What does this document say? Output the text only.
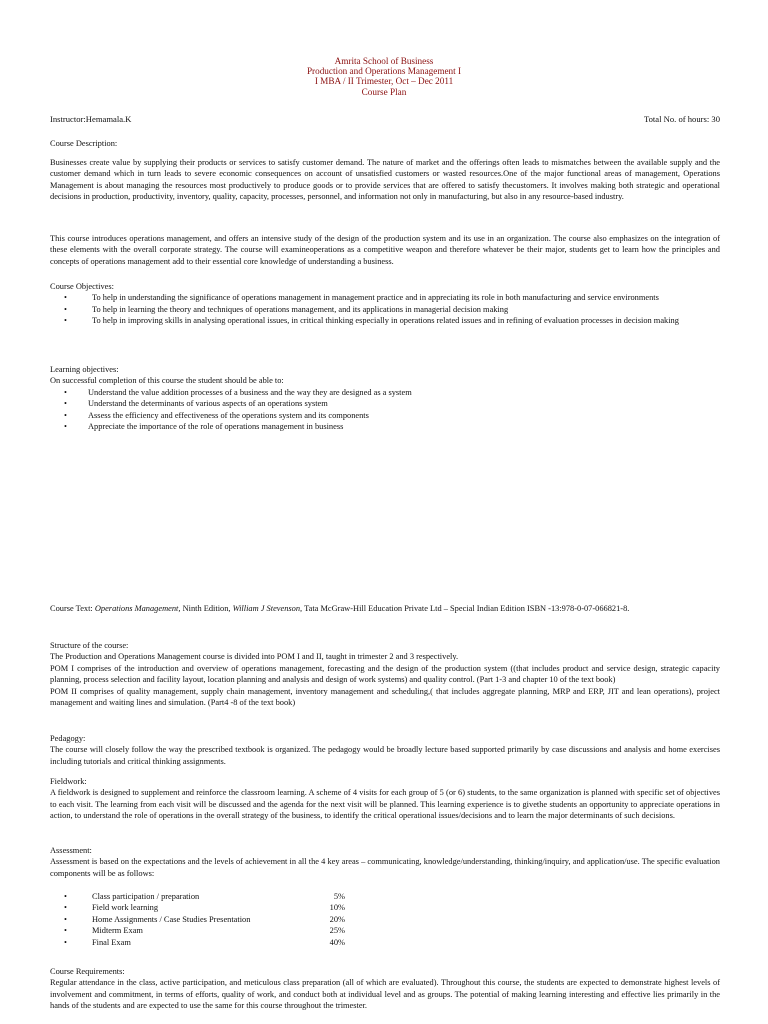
Amrita School of Business
Production and Operations Management I
I MBA / II Trimester, Oct – Dec 2011
Course Plan
Instructor:Hemamala.K	Total No. of hours: 30
Course Description:

Businesses create value by supplying their products or services to satisfy customer demand. The nature of market and the offerings often leads to mismatches between the available supply and the customer demand which in turn leads to severe economic consequences on account of unsatisfied customers or wasted resources.One of the major functional areas of management, Operations Management is about managing the resources most productively to produce goods or to provide services that are offered to satisfy thecustomers. It involves making both strategic and operational decisions in production, productivity, inventory, quality, capacity, processes, personnel, and information not only in manufacturing, but also in any resource-based industry.

This course introduces operations management, and offers an intensive study of the design of the production system and its use in an organization. The course also emphasizes on the integration of these elements with the overall corporate strategy. The course will examineoperations as a competitive weapon and therefore whatever be their major, students get to learn how the principles and concepts of operations management add to their essential core knowledge of understanding a business.

Course Objectives:
• To help in understanding the significance of operations management in management practice and in appreciating its role in both manufacturing and service environments
• To help in learning the theory and techniques of operations management, and its applications in managerial decision making
• To help in improving skills in analysing operational issues, in critical thinking especially in operations related issues and in refining of evaluation processes in decision making
Learning objectives:
On successful completion of this course the student should be able to:
• Understand the value addition processes of a business and the way they are designed as a system
• Understand the determinants of various aspects of an operations system
• Assess the efficiency and effectiveness of the operations system and its components
• Appreciate the importance of the role of operations management in business

Course Text: Operations Management, Ninth Edition, William J Stevenson, Tata McGraw-Hill Education Private Ltd – Special Indian Edition ISBN -13:978-0-07-066821-8.

Structure of the course:

The Production and Operations Management course is divided into POM I and II, taught in trimester 2 and 3 respectively.

POM I comprises of the introduction and overview of operations management, forecasting and the design of the production system ((that includes product and service design, strategic capacity planning, process selection and facility layout, location planning and analysis and design of work systems) and quality control. (Part 1-3 and chapter 10 of the text book)

POM II comprises of quality management, supply chain management, inventory management and scheduling,( that includes aggregate planning, MRP and ERP, JIT and lean operations), project management and waiting lines and simulation. (Part4 -8 of the text book)

Pedagogy:

The course will closely follow the way the prescribed textbook is organized. The pedagogy would be broadly lecture based supported primarily by case discussions and analysis and home exercises including tutorials and critical thinking assignments.

Fieldwork:

A fieldwork is designed to supplement and reinforce the classroom learning. A scheme of 4 visits for each group of 5 (or 6) students, to the same organization is planned with specific set of objectives to each visit. The learning from each visit will be discussed and the agenda for the next visit will be planned. This learning experience is to givethe students an opportunity to appreciate operations in action, to understand the role of operations in the overall strategy of the business, to identify the critical operational issues/decisions and to learn the major determinants of such decisions.

Assessment:

Assessment is based on the expectations and the levels of achievement in all the 4 key areas – communicating, knowledge/understanding, thinking/inquiry, and application/use. The specific evaluation components will be as follows:

• Class participation / preparation	5%
• Field work learning	10%
• Home Assignments / Case Studies Presentation	20%
• Midterm Exam	25%
• Final Exam	40%
Course Requirements:

Regular attendance in the class, active participation, and meticulous class preparation (all of which are evaluated). Throughout this course, the students are expected to demonstrate highest levels of involvement and commitment, in terms of efforts, quality of work, and conduct both at individual level and as groups. The potential of making learning interesting and effective lies primarily in the hands of the students and are expected to use the same for this course throughout the trimester.
